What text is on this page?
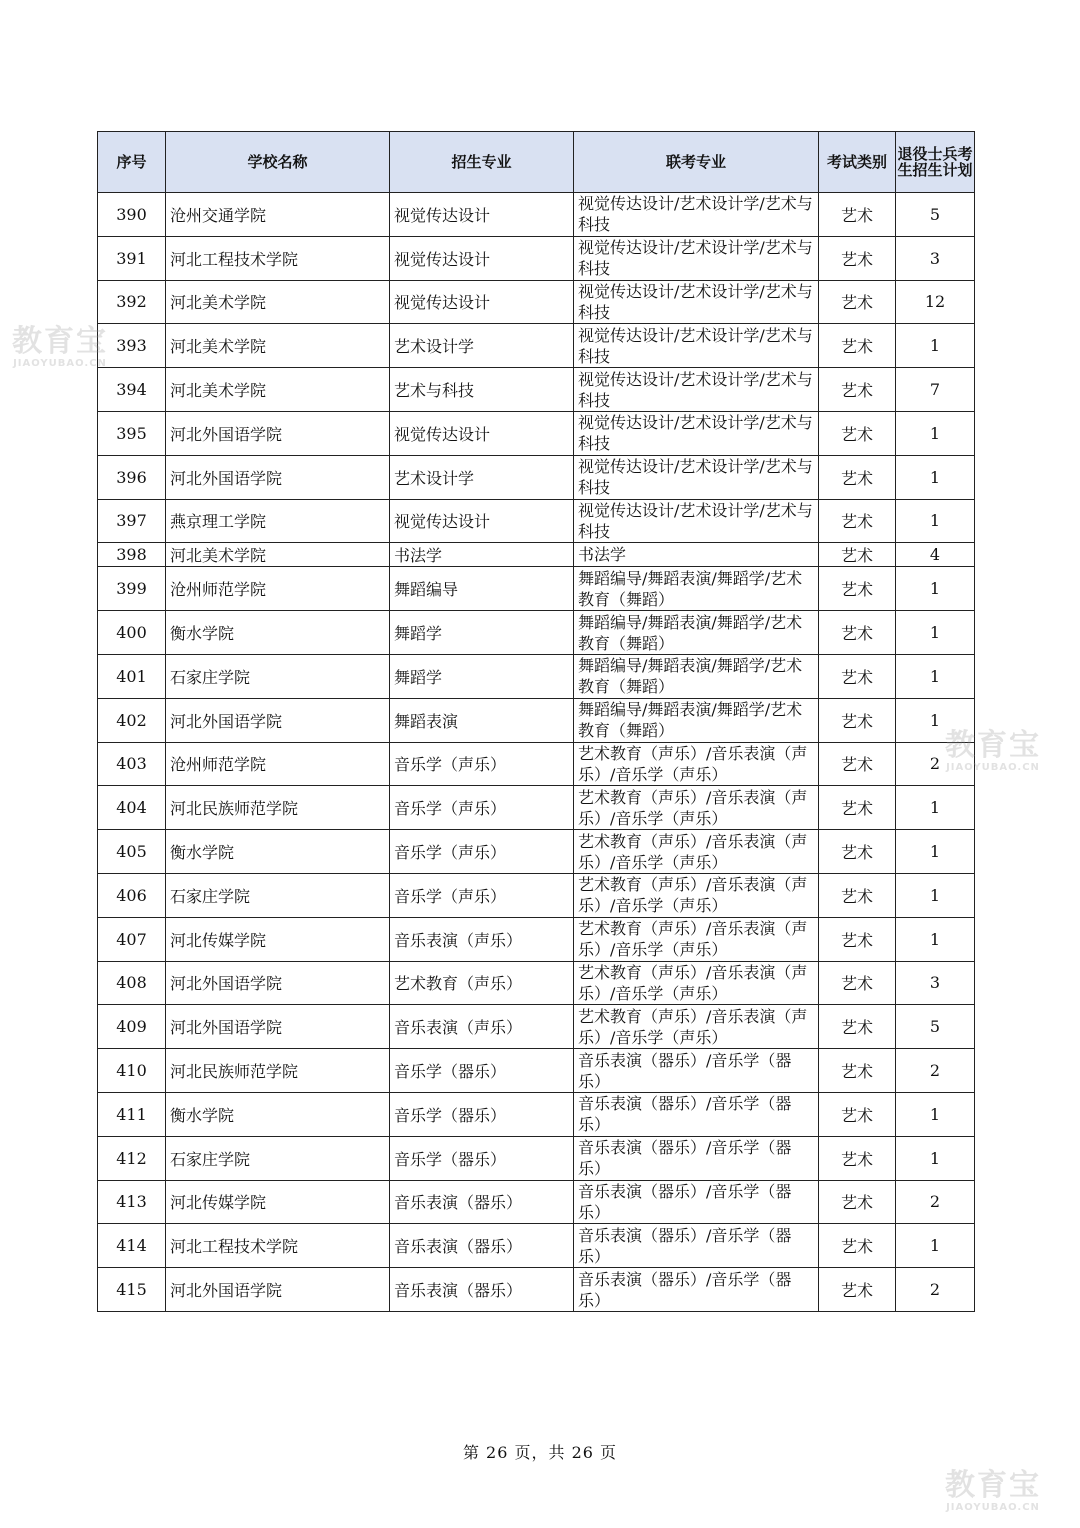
序号	学校名称	招生专业	联考专业	考试类别	退役士兵考生招生计划
390	沧州交通学院	视觉传达设计	视觉传达设计/艺术设计学/艺术与科技	艺术	5
391	河北工程技术学院	视觉传达设计	视觉传达设计/艺术设计学/艺术与科技	艺术	3
392	河北美术学院	视觉传达设计	视觉传达设计/艺术设计学/艺术与科技	艺术	12
393	河北美术学院	艺术设计学	视觉传达设计/艺术设计学/艺术与科技	艺术	1
394	河北美术学院	艺术与科技	视觉传达设计/艺术设计学/艺术与科技	艺术	7
395	河北外国语学院	视觉传达设计	视觉传达设计/艺术设计学/艺术与科技	艺术	1
396	河北外国语学院	艺术设计学	视觉传达设计/艺术设计学/艺术与科技	艺术	1
397	燕京理工学院	视觉传达设计	视觉传达设计/艺术设计学/艺术与科技	艺术	1
398	河北美术学院	书法学	书法学	艺术	4
399	沧州师范学院	舞蹈编导	舞蹈编导/舞蹈表演/舞蹈学/艺术教育（舞蹈）	艺术	1
400	衡水学院	舞蹈学	舞蹈编导/舞蹈表演/舞蹈学/艺术教育（舞蹈）	艺术	1
401	石家庄学院	舞蹈学	舞蹈编导/舞蹈表演/舞蹈学/艺术教育（舞蹈）	艺术	1
402	河北外国语学院	舞蹈表演	舞蹈编导/舞蹈表演/舞蹈学/艺术教育（舞蹈）	艺术	1
403	沧州师范学院	音乐学（声乐）	艺术教育（声乐）/音乐表演（声乐）/音乐学（声乐）	艺术	2
404	河北民族师范学院	音乐学（声乐）	艺术教育（声乐）/音乐表演（声乐）/音乐学（声乐）	艺术	1
405	衡水学院	音乐学（声乐）	艺术教育（声乐）/音乐表演（声乐）/音乐学（声乐）	艺术	1
406	石家庄学院	音乐学（声乐）	艺术教育（声乐）/音乐表演（声乐）/音乐学（声乐）	艺术	1
407	河北传媒学院	音乐表演（声乐）	艺术教育（声乐）/音乐表演（声乐）/音乐学（声乐）	艺术	1
408	河北外国语学院	艺术教育（声乐）	艺术教育（声乐）/音乐表演（声乐）/音乐学（声乐）	艺术	3
409	河北外国语学院	音乐表演（声乐）	艺术教育（声乐）/音乐表演（声乐）/音乐学（声乐）	艺术	5
410	河北民族师范学院	音乐学（器乐）	音乐表演（器乐）/音乐学（器乐）	艺术	2
411	衡水学院	音乐学（器乐）	音乐表演（器乐）/音乐学（器乐）	艺术	1
412	石家庄学院	音乐学（器乐）	音乐表演（器乐）/音乐学（器乐）	艺术	1
413	河北传媒学院	音乐表演（器乐）	音乐表演（器乐）/音乐学（器乐）	艺术	2
414	河北工程技术学院	音乐表演（器乐）	音乐表演（器乐）/音乐学（器乐）	艺术	1
415	河北外国语学院	音乐表演（器乐）	音乐表演（器乐）/音乐学（器乐）	艺术	2
第 26 页，共 26 页
教育宝
JIAOYUBAO.CN
教育宝
JIAOYUBAO.CN
教育宝
JIAOYUBAO.CN
